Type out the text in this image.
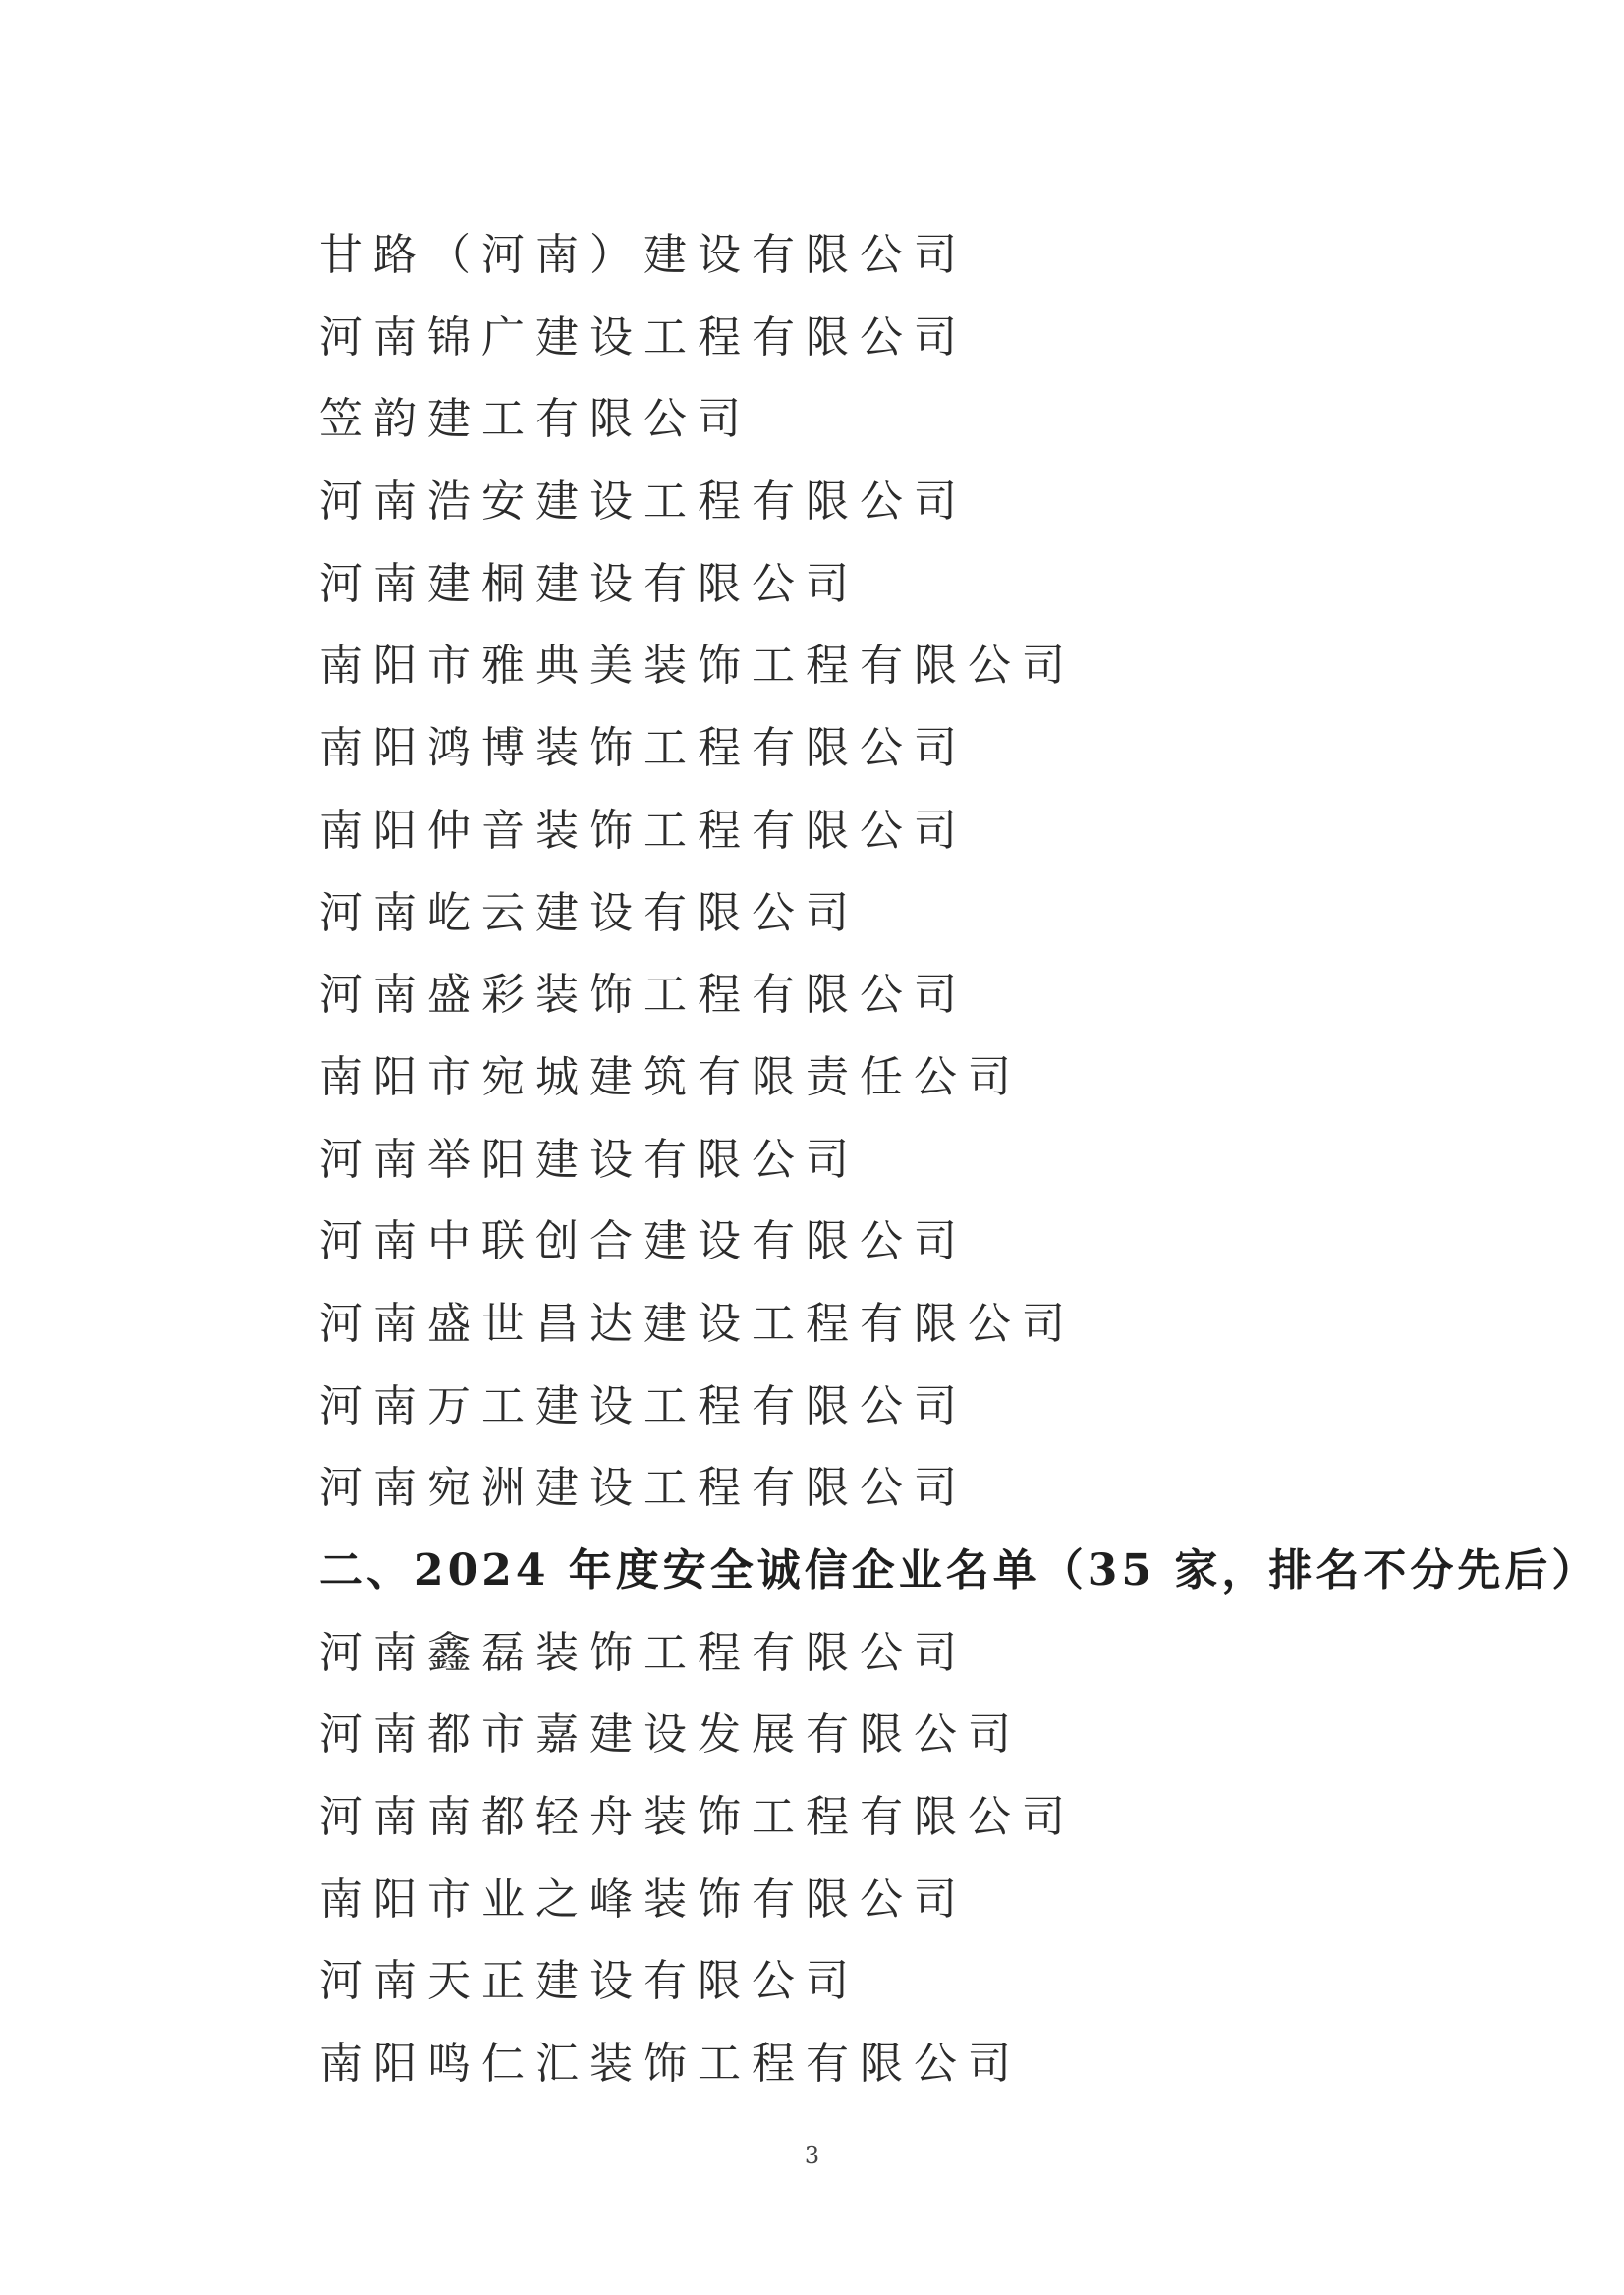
甘路（河南）建设有限公司
河南锦广建设工程有限公司
笠韵建工有限公司
河南浩安建设工程有限公司
河南建桐建设有限公司
南阳市雅典美装饰工程有限公司
南阳鸿博装饰工程有限公司
南阳仲音装饰工程有限公司
河南屹云建设有限公司
河南盛彩装饰工程有限公司
南阳市宛城建筑有限责任公司
河南举阳建设有限公司
河南中联创合建设有限公司
河南盛世昌达建设工程有限公司
河南万工建设工程有限公司
河南宛洲建设工程有限公司
二、2024 年度安全诚信企业名单（35 家，排名不分先后）
河南鑫磊装饰工程有限公司
河南都市嘉建设发展有限公司
河南南都轻舟装饰工程有限公司
南阳市业之峰装饰有限公司
河南天正建设有限公司
南阳鸣仁汇装饰工程有限公司
3
